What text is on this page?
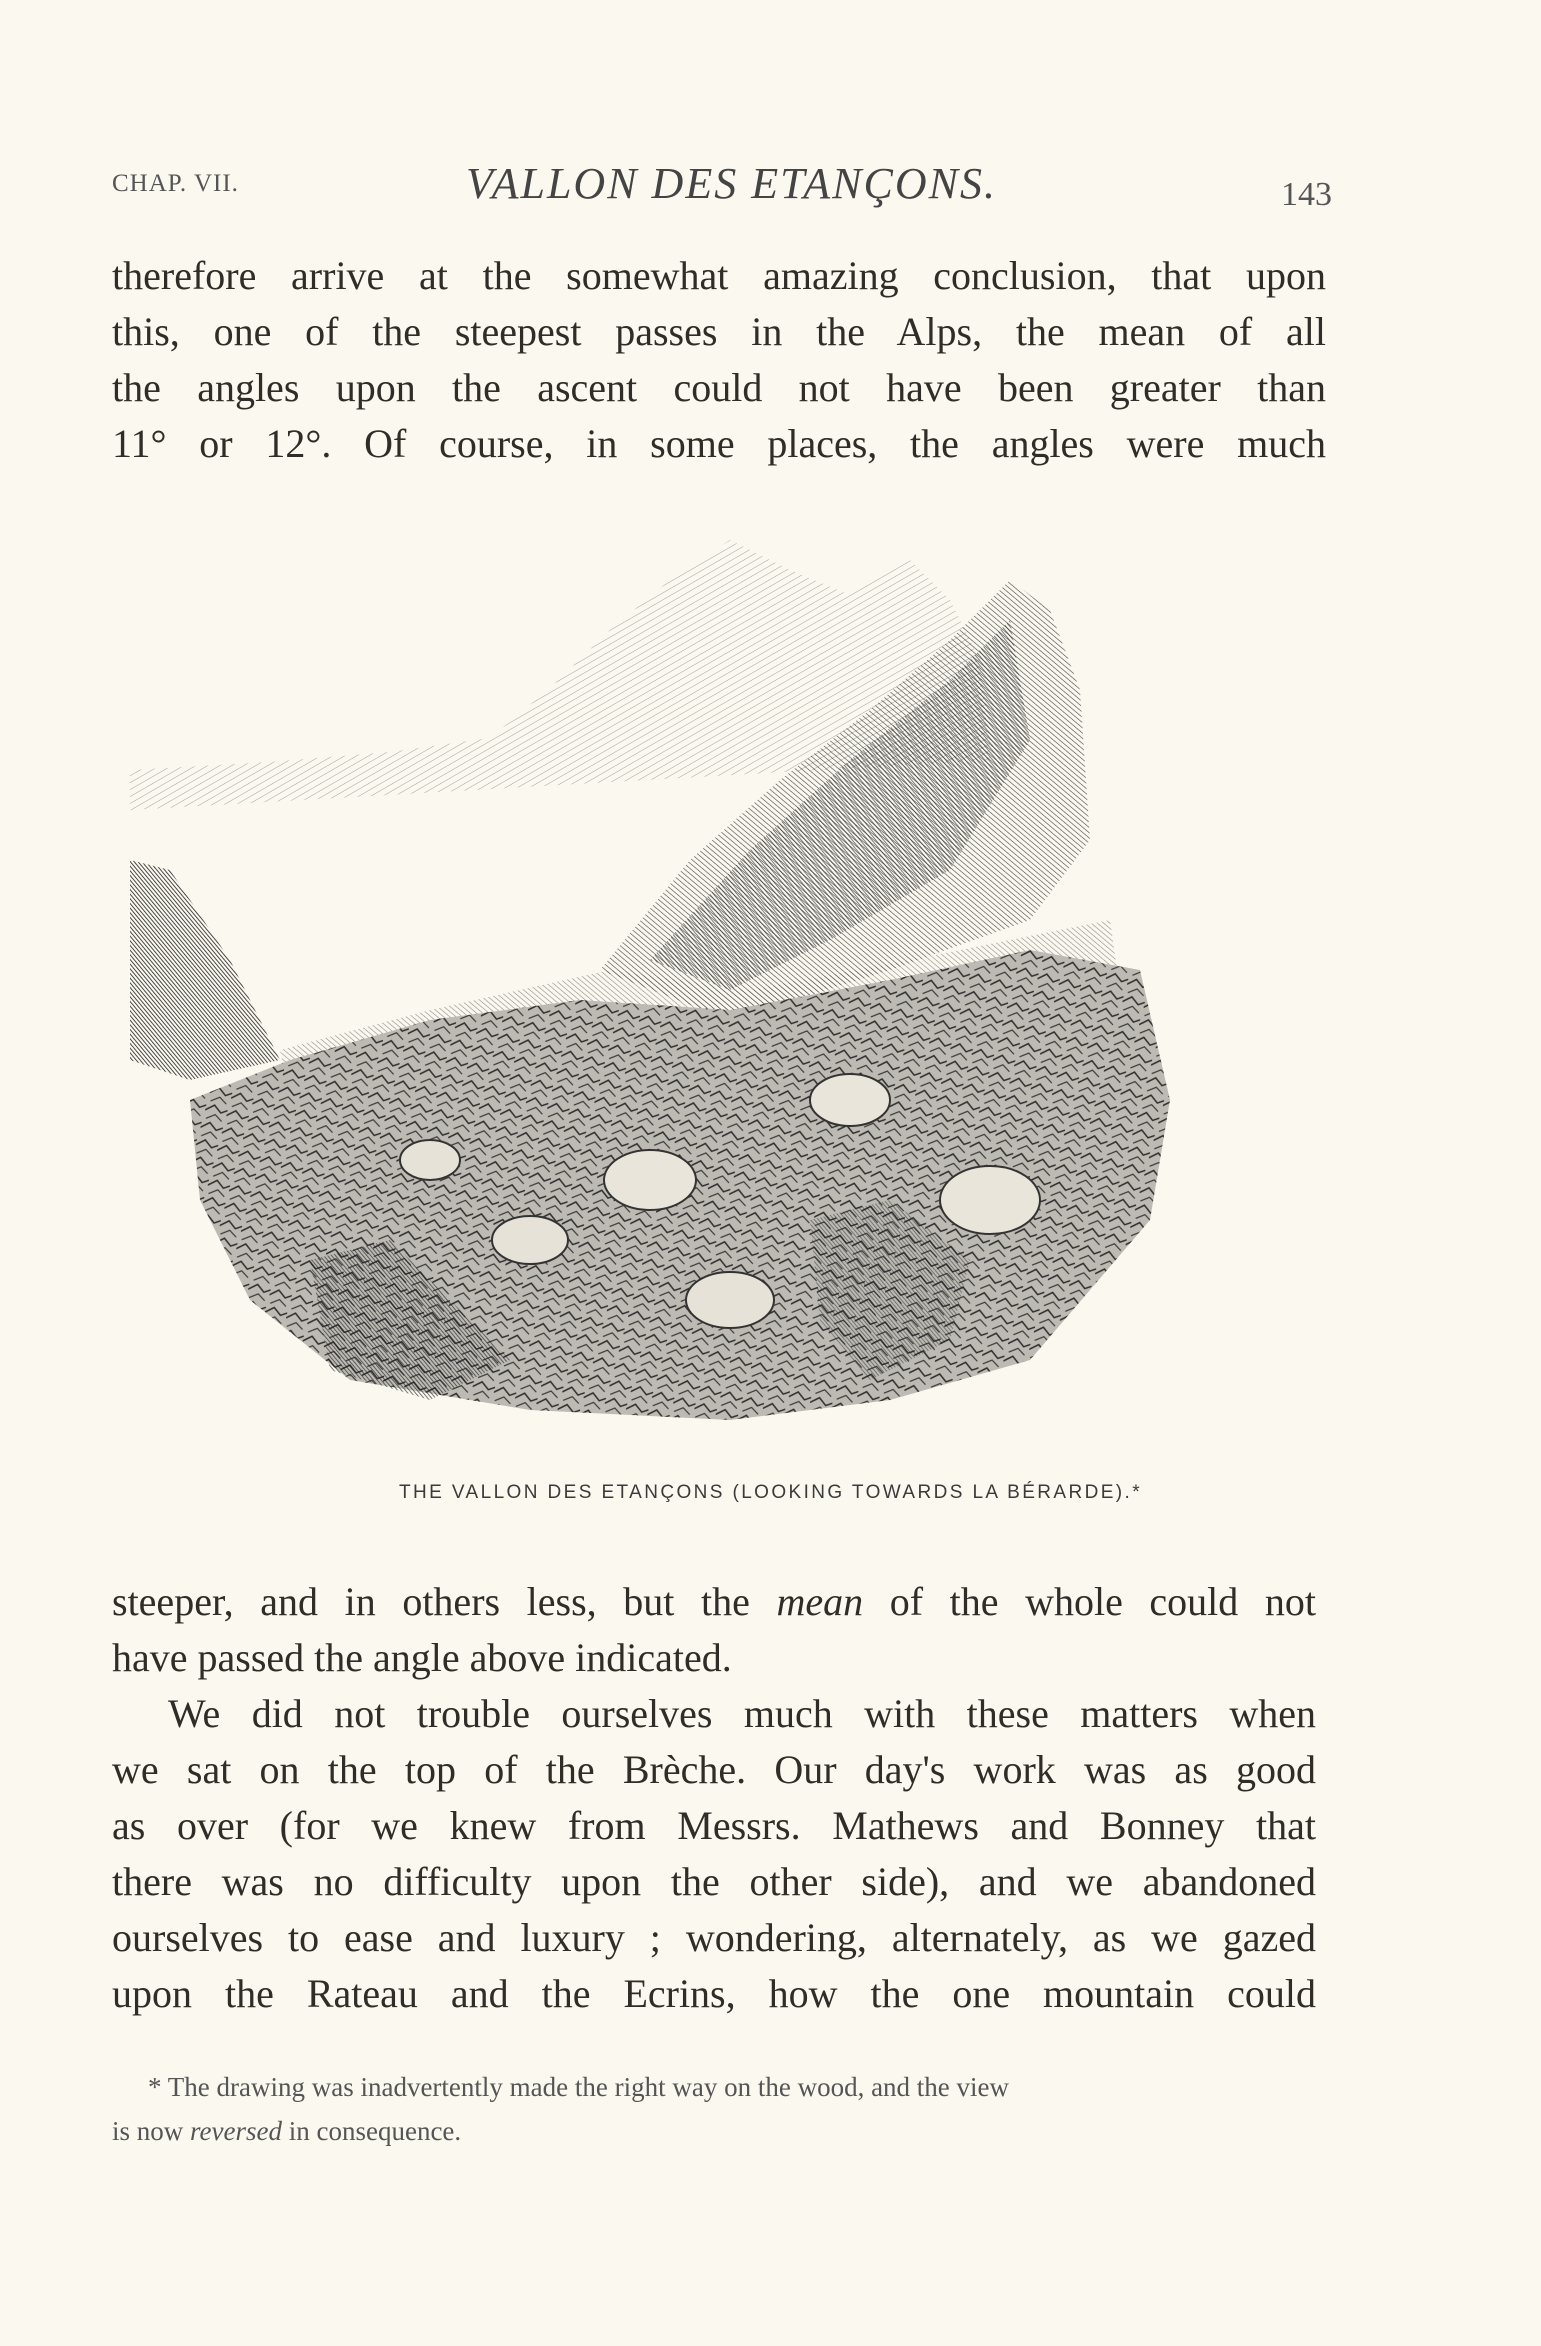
CHAP. VII.	VALLON DES ETANÇONS.	143
therefore arrive at the somewhat amazing conclusion, that upon
this, one of the steepest passes in the Alps, the mean of all
the angles upon the ascent could not have been greater than
11° or 12°. Of course, in some places, the angles were much
THE VALLON DES ETANÇONS (LOOKING TOWARDS LA BÉRARDE).*
steeper, and in others less, but the mean of the whole could not
have passed the angle above indicated.
We did not trouble ourselves much with these matters when
we sat on the top of the Brèche. Our day's work was as good
as over (for we knew from Messrs. Mathews and Bonney that
there was no difficulty upon the other side), and we abandoned
ourselves to ease and luxury ; wondering, alternately, as we gazed
upon the Rateau and the Ecrins, how the one mountain could
* The drawing was inadvertently made the right way on the wood, and the view
is now reversed in consequence.
